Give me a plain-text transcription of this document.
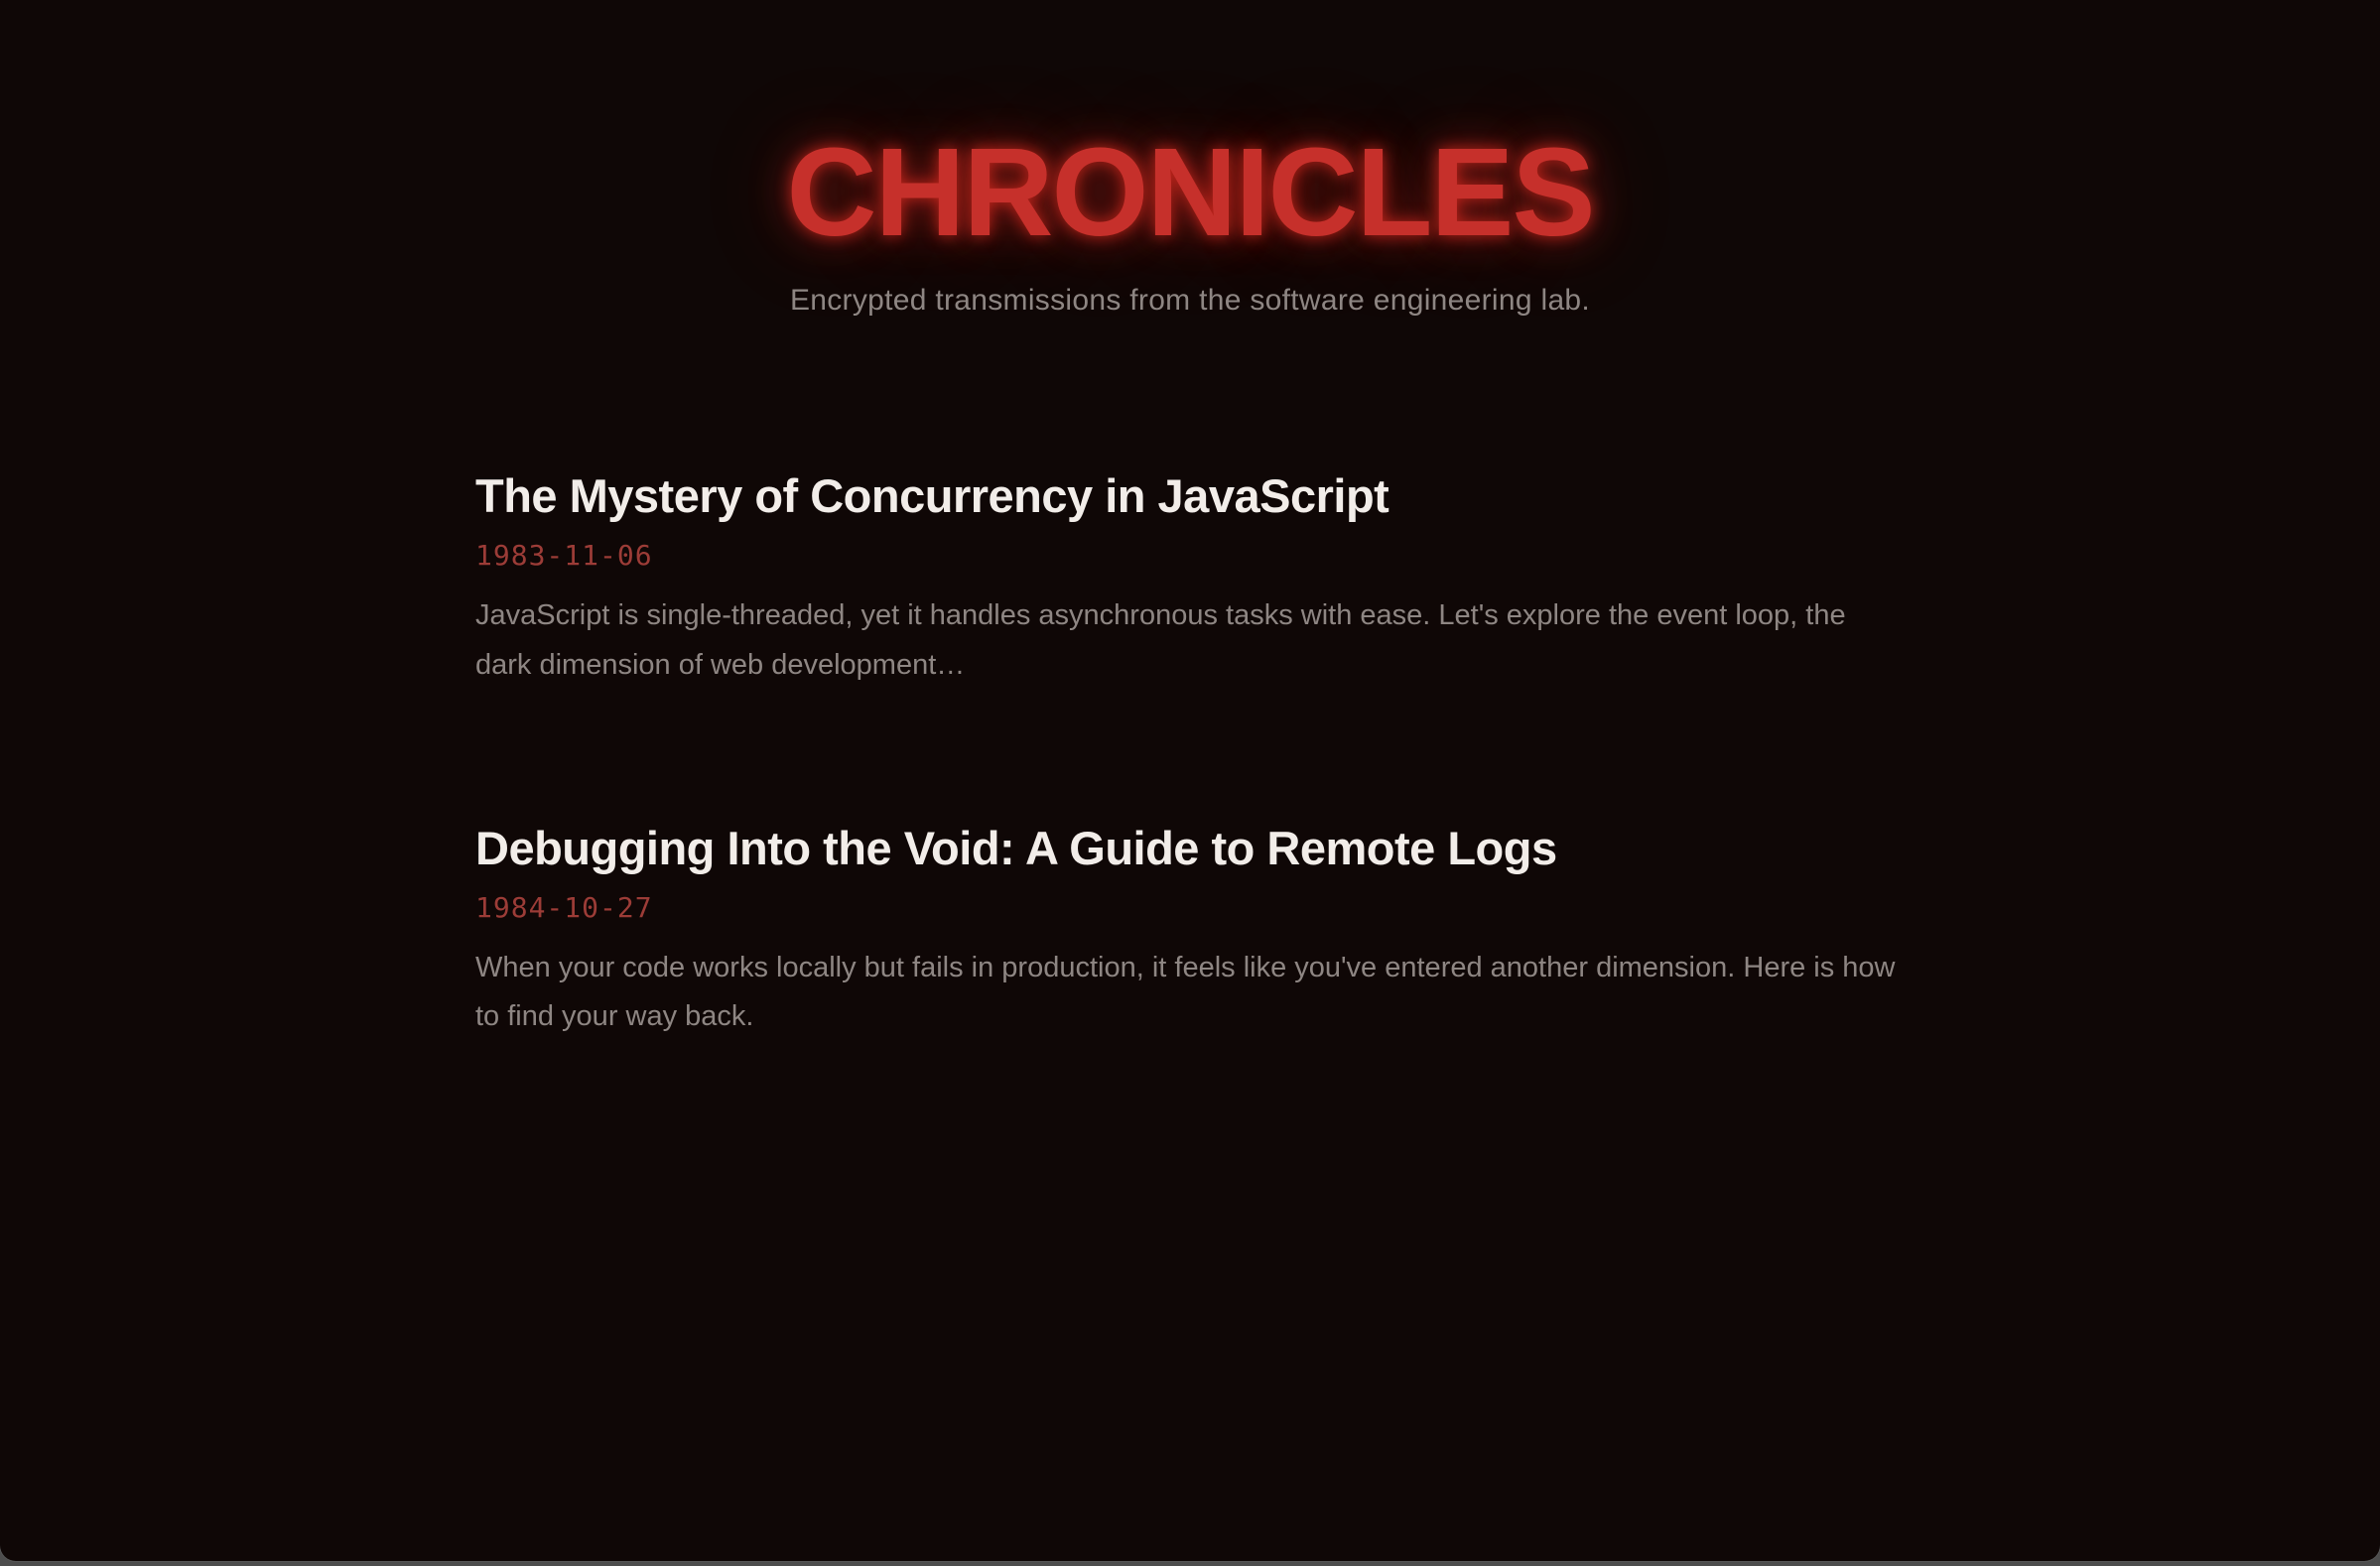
CHRONICLES

Encrypted transmissions from the software engineering lab.

The Mystery of Concurrency in JavaScript
1983-11-06

JavaScript is single-threaded, yet it handles asynchronous tasks with ease. Let's explore the event loop, the dark dimension of web development…

Debugging Into the Void: A Guide to Remote Logs
1984-10-27

When your code works locally but fails in production, it feels like you've entered another dimension. Here is how to find your way back.
